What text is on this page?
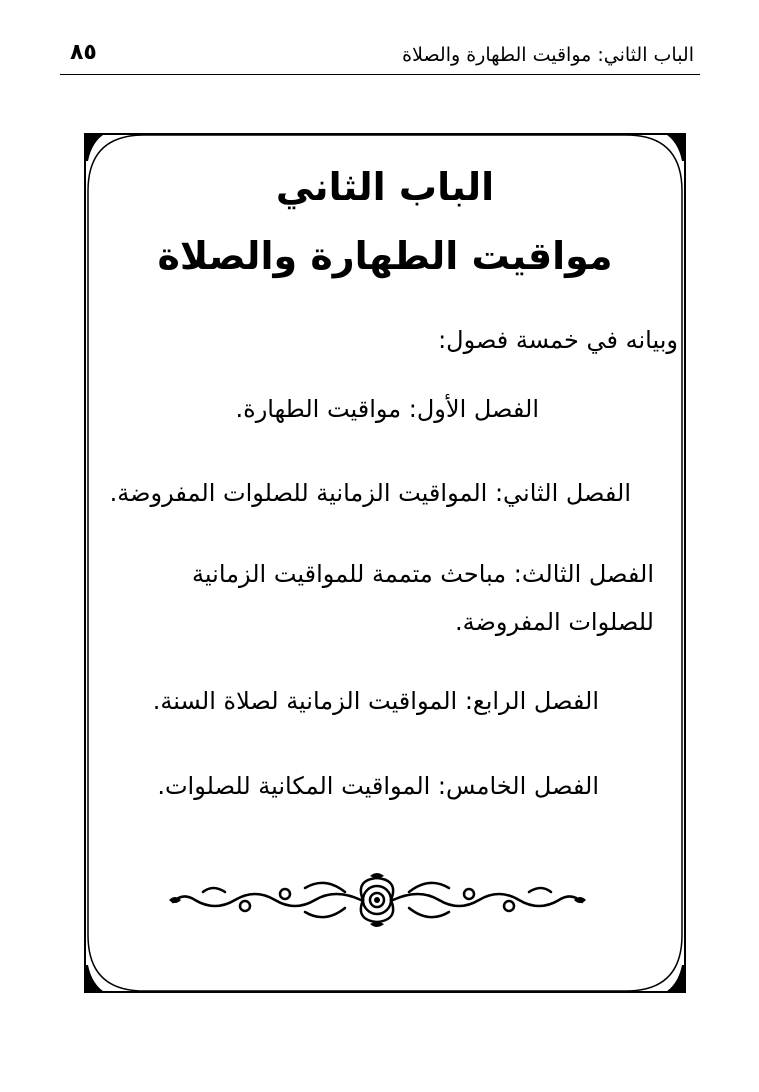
الباب الثاني: مواقيت الطهارة والصلاة
٨٥
الباب الثاني
مواقيت الطهارة والصلاة
وبيانه في خمسة فصول:
الفصل الأول: مواقيت الطهارة.
الفصل الثاني: المواقيت الزمانية للصلوات المفروضة.
الفصل الثالث: مباحث متممة للمواقيت الزمانية للصلوات المفروضة.
الفصل الرابع: المواقيت الزمانية لصلاة السنة.
الفصل الخامس: المواقيت المكانية للصلوات.
